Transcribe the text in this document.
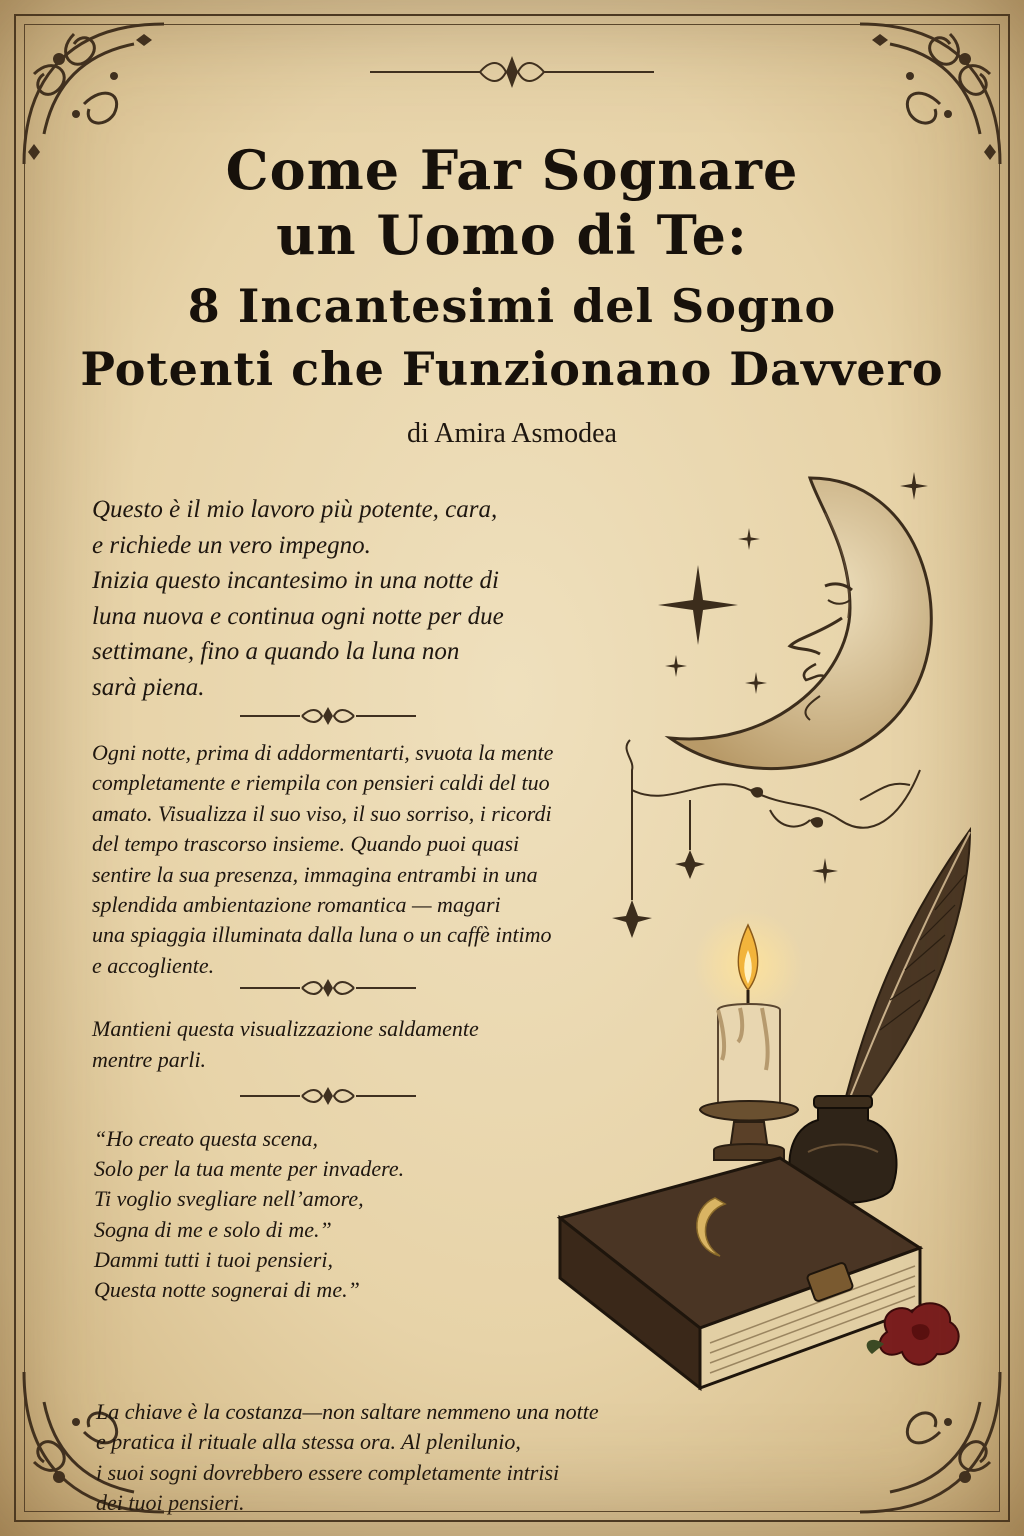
Come Far Sognare
un Uomo di Te:
8 Incantesimi del Sogno
Potenti che Funzionano Davvero
di Amira Asmodea

Questo è il mio lavoro più potente, cara,
e richiede un vero impegno.
Inizia questo incantesimo in una notte di
luna nuova e continua ogni notte per due
settimane, fino a quando la luna non
sarà piena.

Ogni notte, prima di addormentarti, svuota la mente
completamente e riempila con pensieri caldi del tuo
amato. Visualizza il suo viso, il suo sorriso, i ricordi
del tempo trascorso insieme. Quando puoi quasi
sentire la sua presenza, immagina entrambi in una
splendida ambientazione romantica — magari
una spiaggia illuminata dalla luna o un caffè intimo
e accogliente.

Mantieni questa visualizzazione saldamente
mentre parli.

“Ho creato questa scena,
Solo per la tua mente per invadere.
Ti voglio svegliare nell’amore,
Sogna di me e solo di me.”
Dammi tutti i tuoi pensieri,
Questa notte sognerai di me.”

La chiave è la costanza—non saltare nemmeno una notte
e pratica il rituale alla stessa ora. Al plenilunio,
i suoi sogni dovrebbero essere completamente intrisi
dei tuoi pensieri.
